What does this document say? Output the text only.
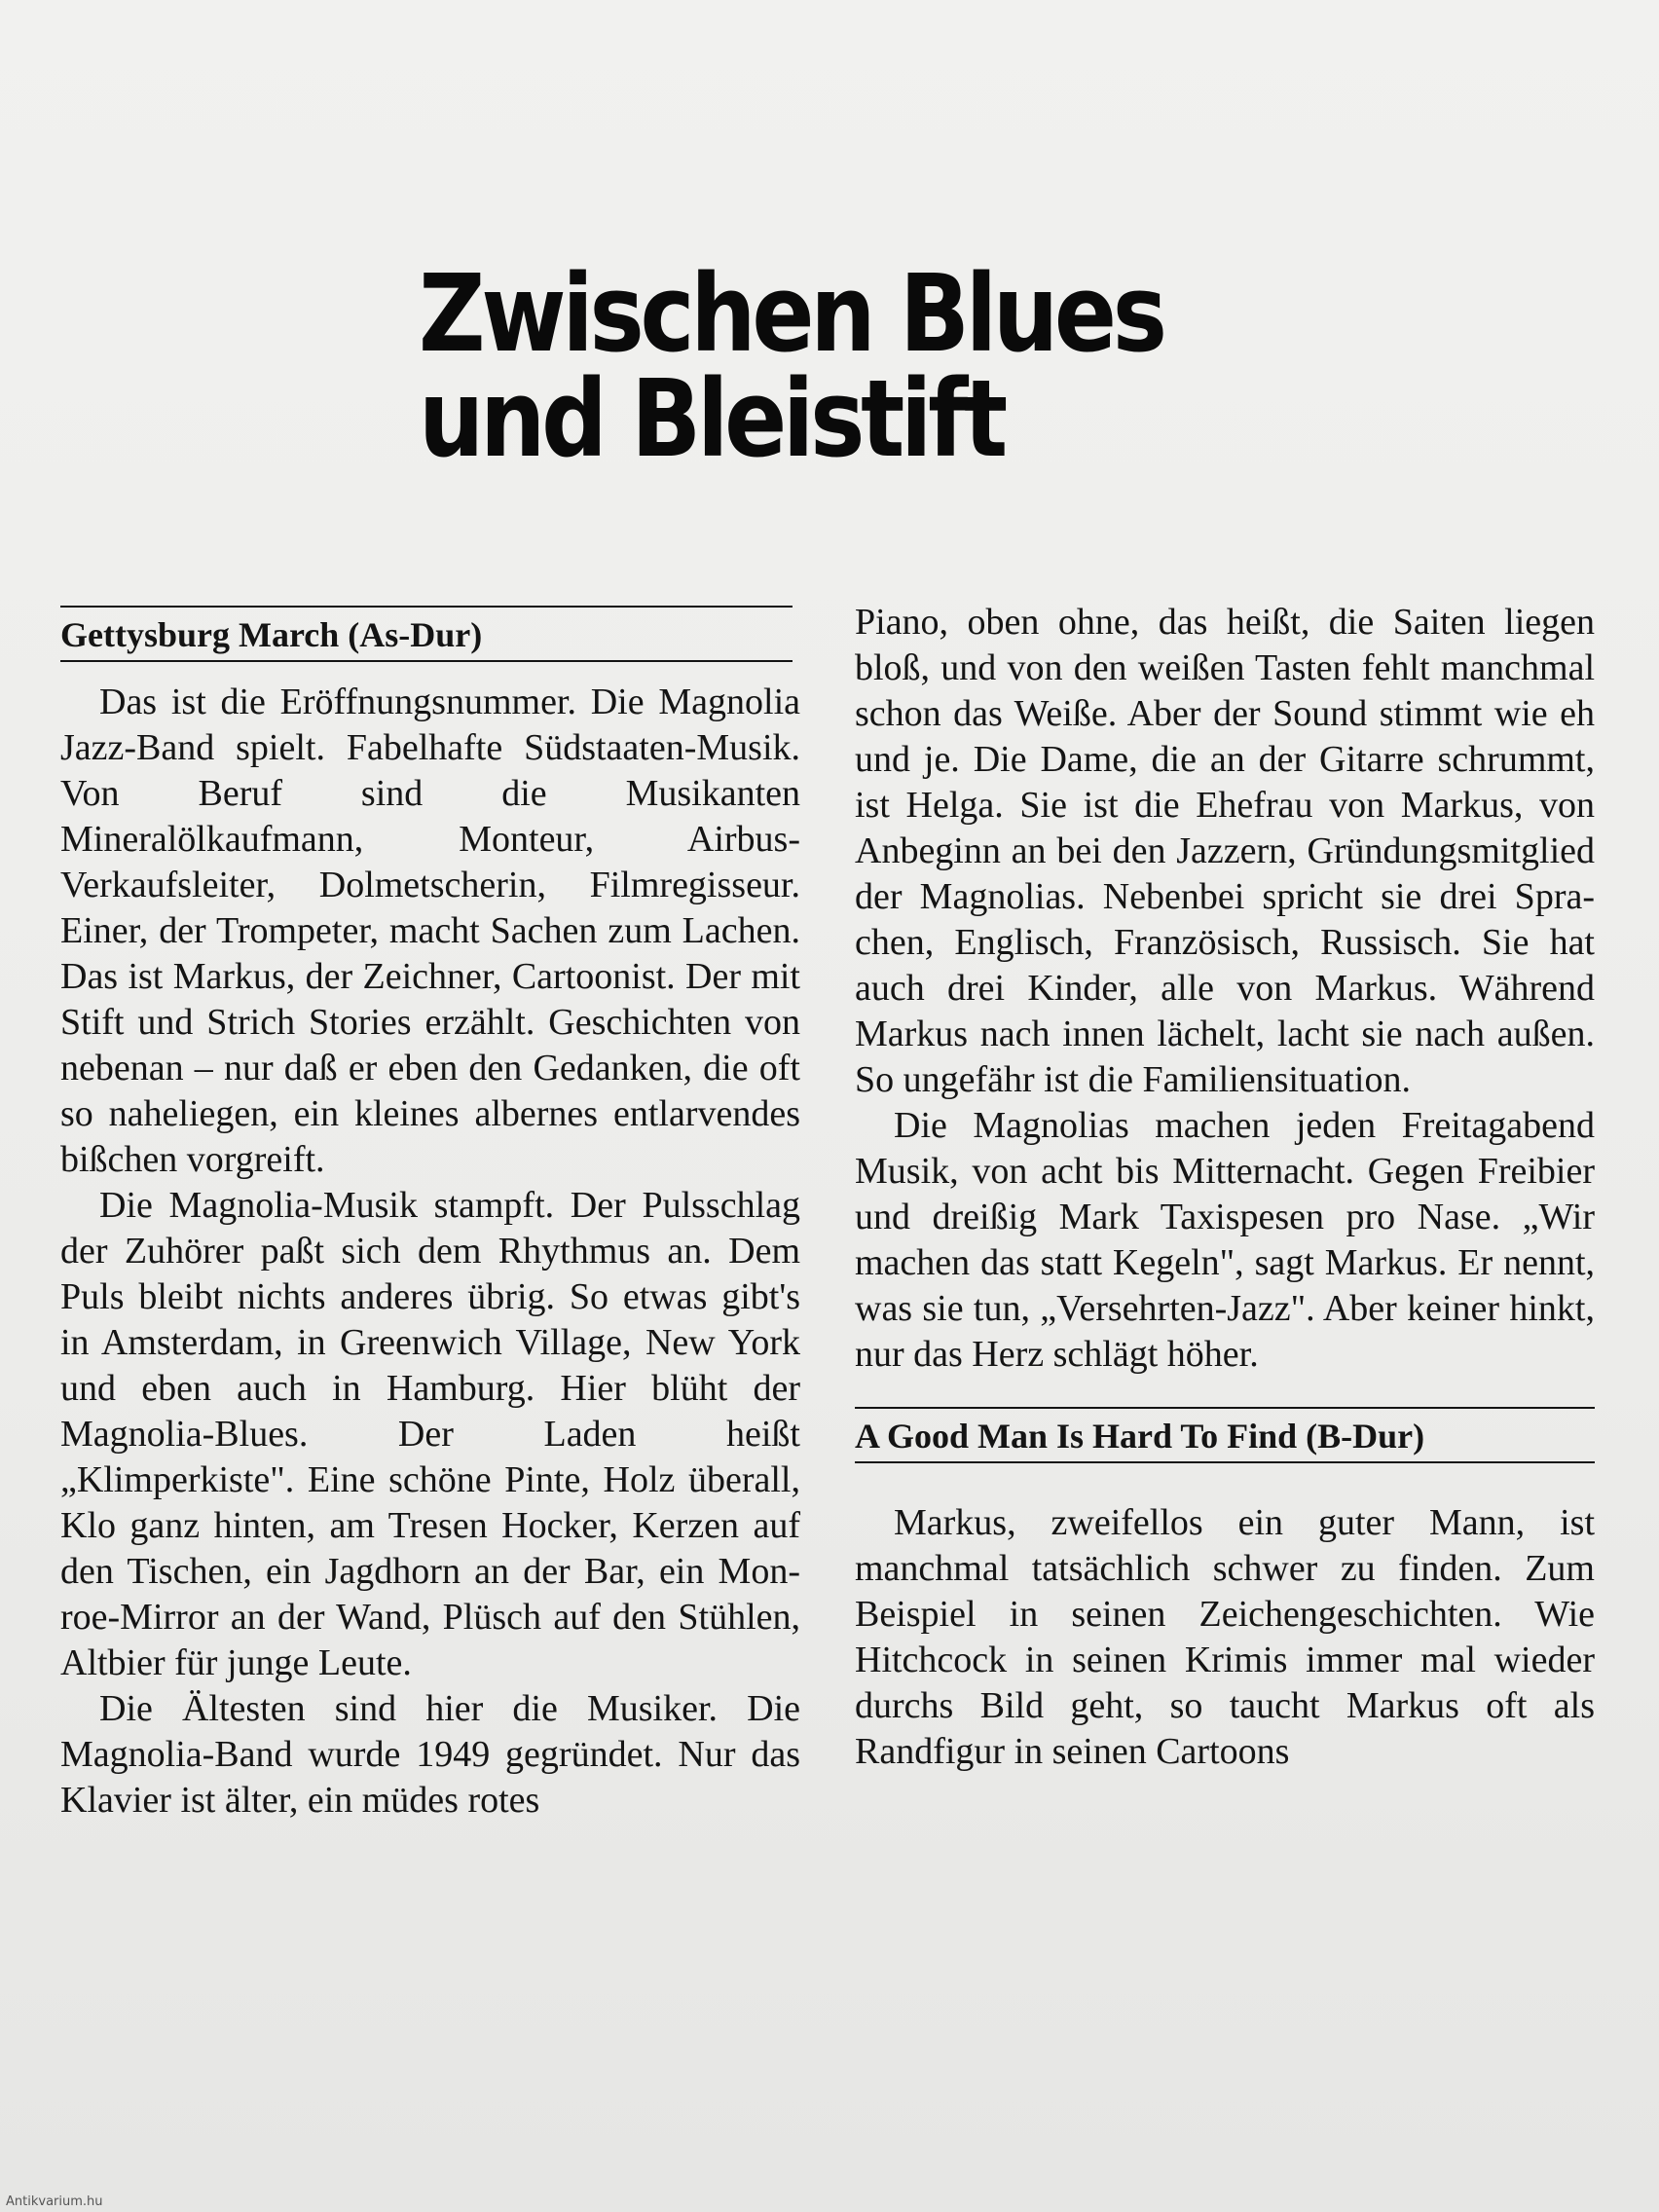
Zwischen Blues
und Bleistift
Gettysburg March (As-Dur)

Das ist die Eröffnungsnummer. Die Magnolia Jazz-Band spielt. Fabelhafte Südstaaten-Musik. Von Beruf sind die Musikanten Mineralölkaufmann, Monteur, Airbus-Verkaufsleiter, Dolmetscherin, Filmregisseur. Einer, der Trompeter, macht Sachen zum Lachen. Das ist Markus, der Zeichner, Cartoonist. Der mit Stift und Strich Stories erzählt. Geschichten von nebenan – nur daß er eben den Gedanken, die oft so naheliegen, ein kleines albernes entlarvendes bißchen vorgreift.

Die Magnolia-Musik stampft. Der Pulsschlag der Zuhörer paßt sich dem Rhythmus an. Dem Puls bleibt nichts anderes übrig. So etwas gibt's in Amsterdam, in Greenwich Village, New York und eben auch in Hamburg. Hier blüht der Magnolia-Blues. Der Laden heißt „Klimperkiste". Eine schöne Pinte, Holz überall, Klo ganz hinten, am Tresen Hocker, Kerzen auf den Tischen, ein Jagdhorn an der Bar, ein Monroe-Mirror an der Wand, Plüsch auf den Stühlen, Altbier für junge Leute.

Die Ältesten sind hier die Musiker. Die Magnolia-Band wurde 1949 gegründet. Nur das Klavier ist älter, ein müdes rotes

Piano, oben ohne, das heißt, die Saiten liegen bloß, und von den weißen Tasten fehlt manchmal schon das Weiße. Aber der Sound stimmt wie eh und je. Die Dame, die an der Gitarre schrummt, ist Helga. Sie ist die Ehefrau von Markus, von Anbeginn an bei den Jazzern, Gründungsmitglied der Magnolias. Nebenbei spricht sie drei Sprachen, Englisch, Französisch, Russisch. Sie hat auch drei Kinder, alle von Markus. Während Markus nach innen lächelt, lacht sie nach außen. So ungefähr ist die Familiensituation.

Die Magnolias machen jeden Freitagabend Musik, von acht bis Mitternacht. Gegen Freibier und dreißig Mark Taxispesen pro Nase. „Wir machen das statt Kegeln", sagt Markus. Er nennt, was sie tun, „Versehrten-Jazz". Aber keiner hinkt, nur das Herz schlägt höher.

A Good Man Is Hard To Find (B-Dur)

Markus, zweifellos ein guter Mann, ist manchmal tatsächlich schwer zu finden. Zum Beispiel in seinen Zeichengeschichten. Wie Hitchcock in seinen Krimis immer mal wieder durchs Bild geht, so taucht Markus oft als Randfigur in seinen Cartoons

Antikvarium.hu
